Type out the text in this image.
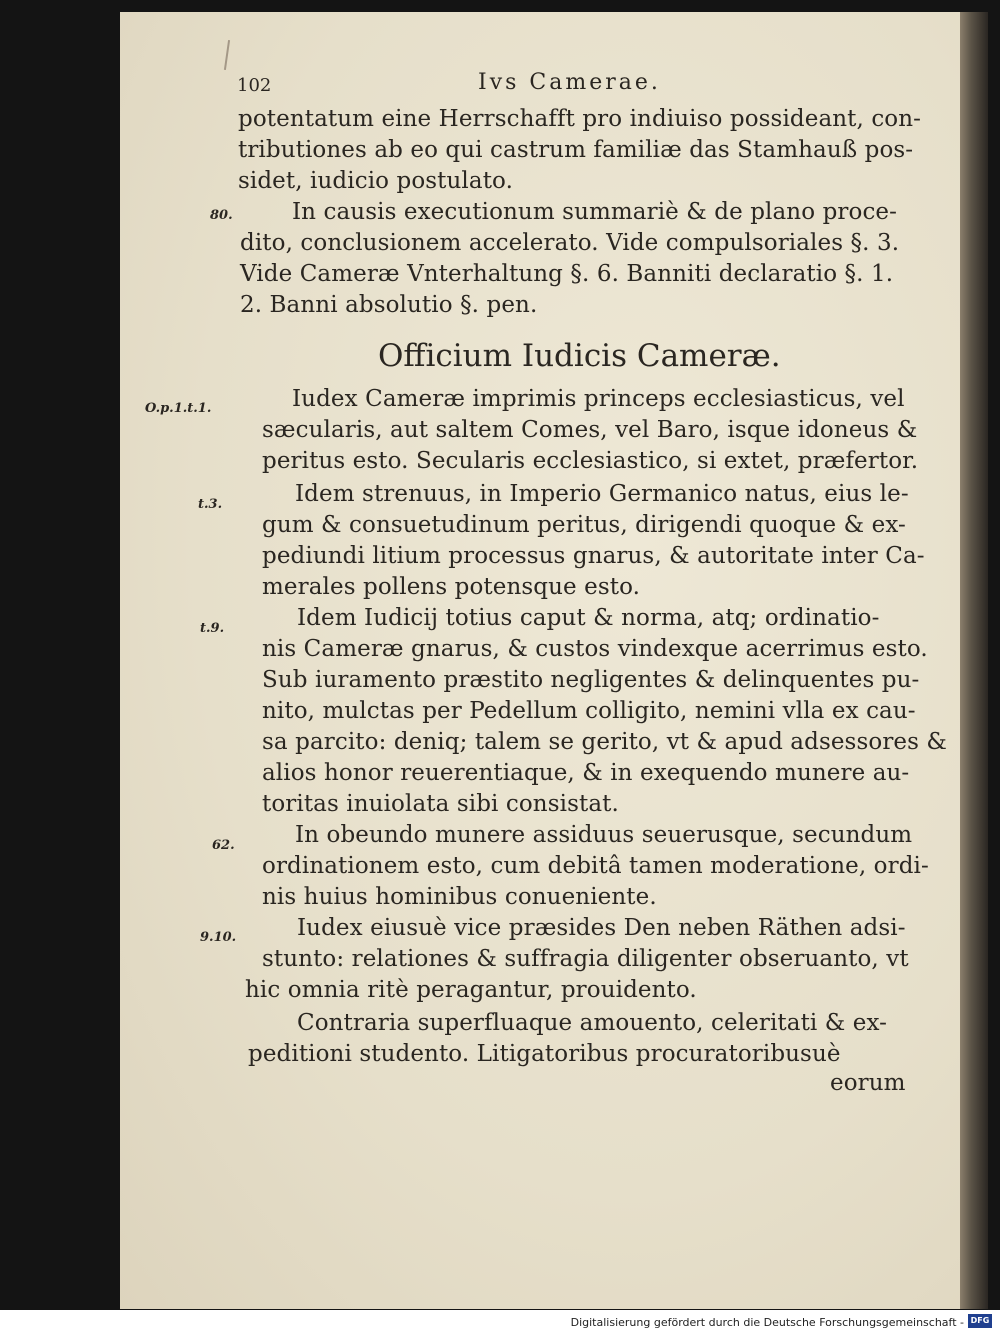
102	Ivs Camerae.
potentatum eine Herrschafft pro indiuiso possideant, con-
tributiones ab eo qui castrum familiæ das Stamhauß pos-
sidet, iudicio postulato.
In causis executionum summariè & de plano proce-
dito, conclusionem accelerato. Vide compulsoriales §. 3.
Vide Cameræ Vnterhaltung §. 6. Banniti declaratio §. 1.
2. Banni absolutio §. pen.
Officium Iudicis Cameræ.
Iudex Cameræ imprimis princeps ecclesiasticus, vel
sæcularis, aut saltem Comes, vel Baro, isque idoneus &
peritus esto. Secularis ecclesiastico, si extet, præfertor.
Idem strenuus, in Imperio Germanico natus, eius le-
gum & consuetudinum peritus, dirigendi quoque & ex-
pediundi litium processus gnarus, & autoritate inter Ca-
merales pollens potensque esto.
Idem Iudicij totius caput & norma, atq; ordinatio-
nis Cameræ gnarus, & custos vindexque acerrimus esto.
Sub iuramento præstito negligentes & delinquentes pu-
nito, mulctas per Pedellum colligito, nemini vlla ex cau-
sa parcito: deniq; talem se gerito, vt & apud adsessores &
alios honor reuerentiaque, & in exequendo munere au-
toritas inuiolata sibi consistat.
In obeundo munere assiduus seuerusque, secundum
ordinationem esto, cum debitâ tamen moderatione, ordi-
nis huius hominibus conueniente.
Iudex eiusuè vice præsides Den neben Räthen adsi-
stunto: relationes & suffragia diligenter obseruanto, vt
hic omnia ritè peragantur, prouidento.
Contraria superfluaque amouento, celeritati & ex-
peditioni studento. Litigatoribus procuratoribusuè
eorum
80.
O.p.1.t.1.
t.3.
t.9.
62.
9.10.
Digitalisierung gefördert durch die Deutsche Forschungsgemeinschaft - DFG
